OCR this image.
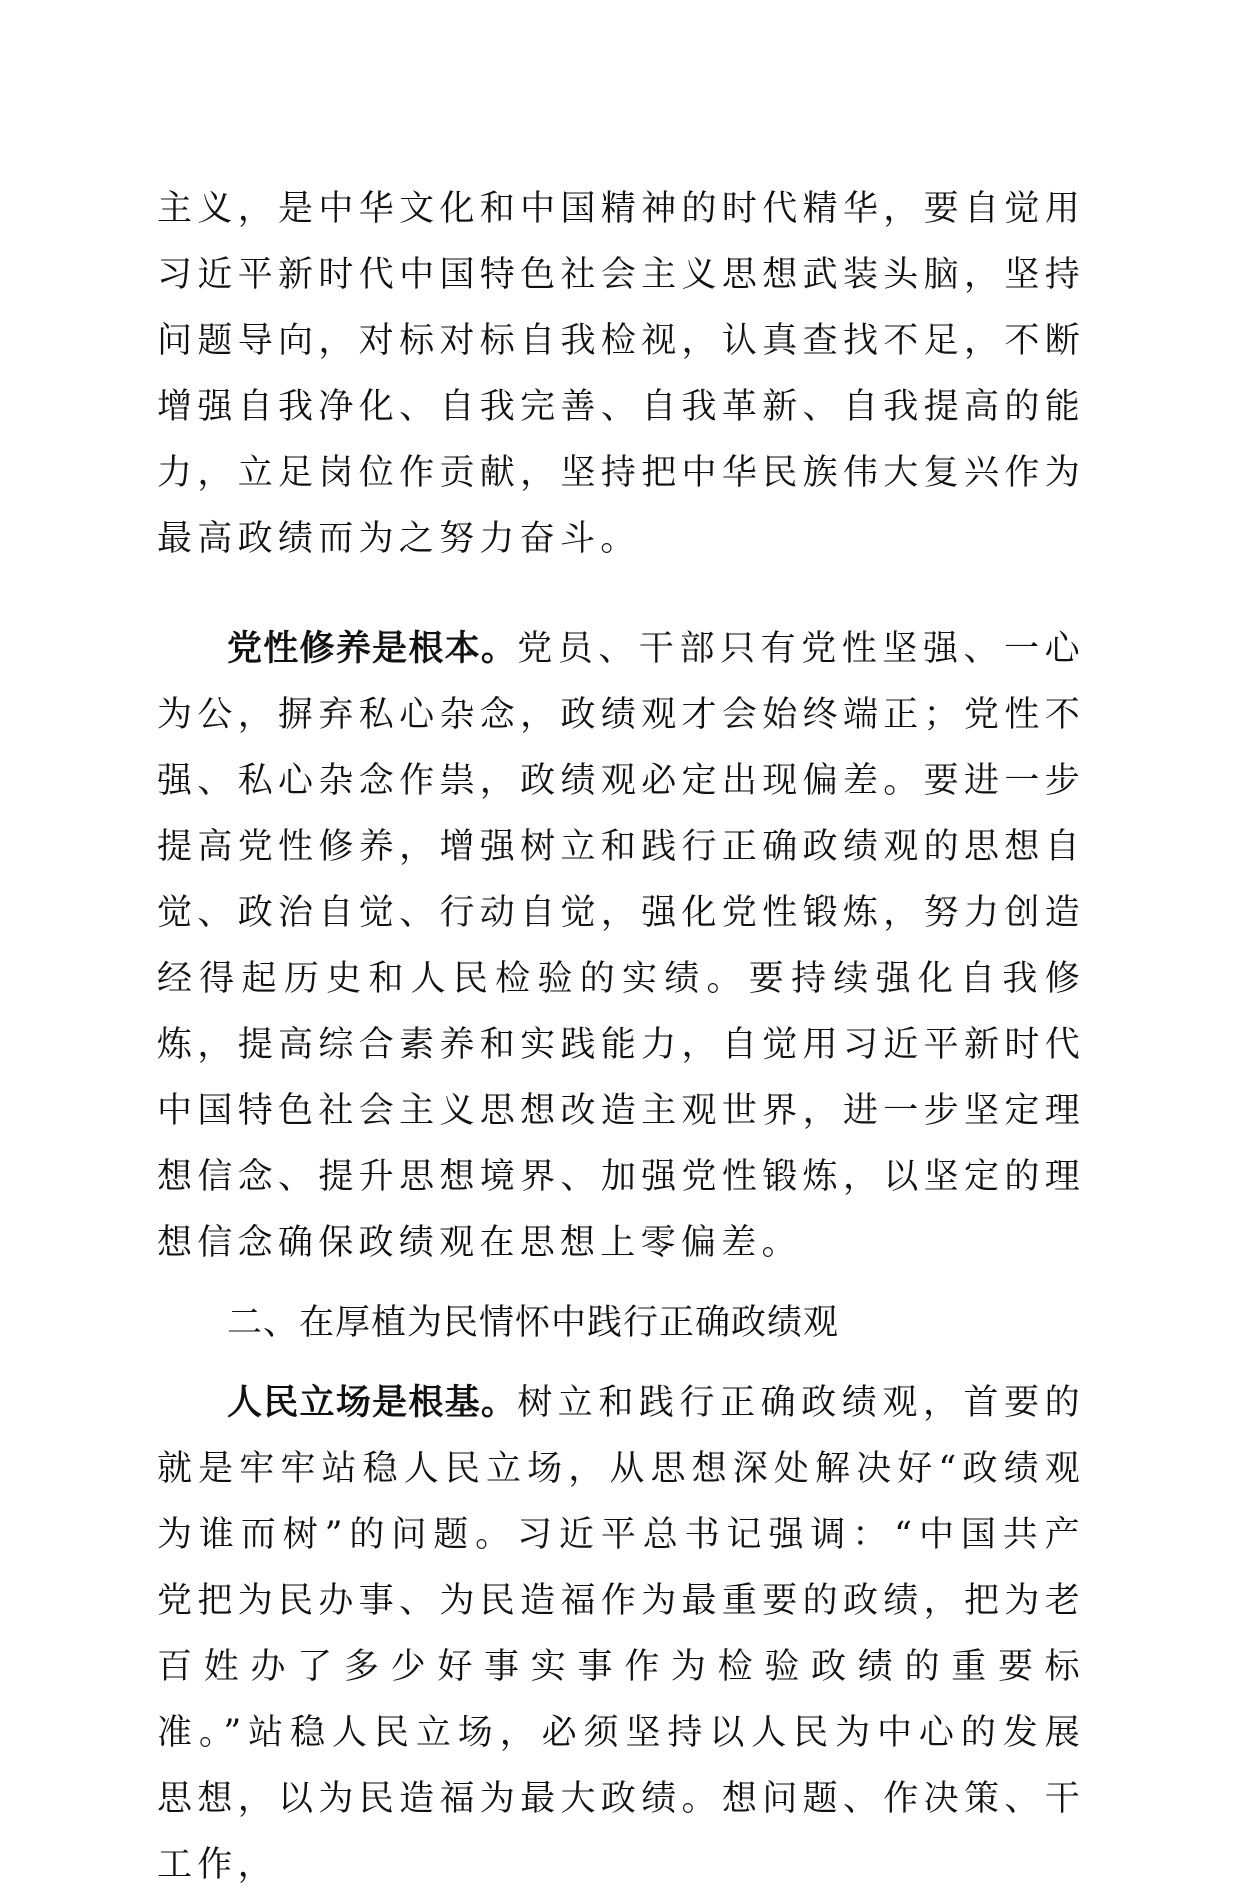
主义，是中华文化和中国精神的时代精华，要自觉用习近平新时代中国特色社会主义思想武装头脑，坚持问题导向，对标对标自我检视，认真查找不足，不断增强自我净化、自我完善、自我革新、自我提高的能力，立足岗位作贡献，坚持把中华民族伟大复兴作为最高政绩而为之努力奋斗。

党性修养是根本。党员、干部只有党性坚强、一心为公，摒弃私心杂念，政绩观才会始终端正；党性不强、私心杂念作祟，政绩观必定出现偏差。要进一步提高党性修养，增强树立和践行正确政绩观的思想自觉、政治自觉、行动自觉，强化党性锻炼，努力创造经得起历史和人民检验的实绩。要持续强化自我修炼，提高综合素养和实践能力，自觉用习近平新时代中国特色社会主义思想改造主观世界，进一步坚定理想信念、提升思想境界、加强党性锻炼，以坚定的理想信念确保政绩观在思想上零偏差。

二、在厚植为民情怀中践行正确政绩观

人民立场是根基。树立和践行正确政绩观，首要的就是牢牢站稳人民立场，从思想深处解决好“政绩观为谁而树”的问题。习近平总书记强调：“中国共产党把为民办事、为民造福作为最重要的政绩，把为老百姓办了多少好事实事作为检验政绩的重要标准。”站稳人民立场，必须坚持以人民为中心的发展思想，以为民造福为最大政绩。想问题、作决策、干工作，
